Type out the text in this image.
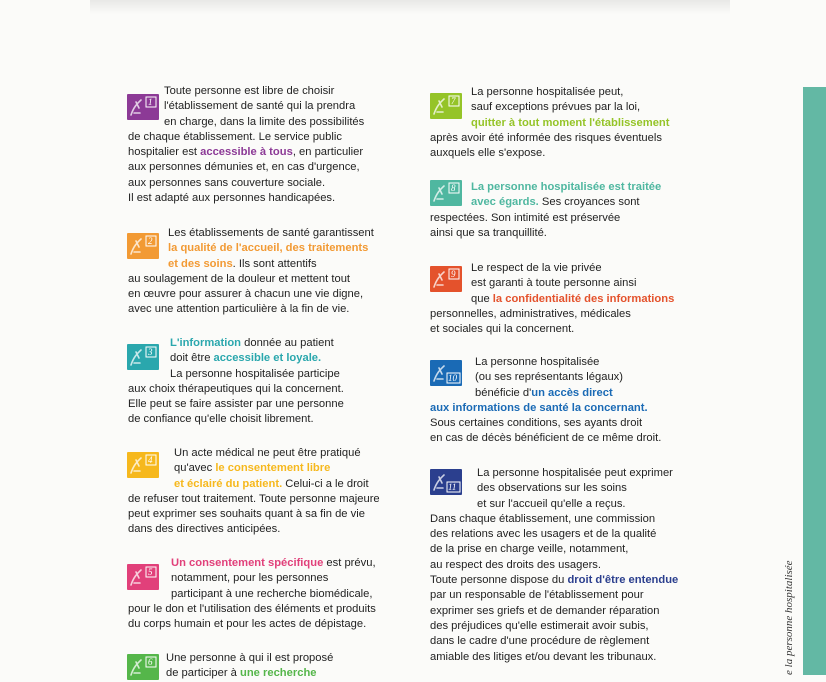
e la personne hospitalisée
1
Toute personne est libre de choisir
l'établissement de santé qui la prendra
en charge, dans la limite des possibilités
de chaque établissement. Le service public
hospitalier est accessible à tous, en particulier
aux personnes démunies et, en cas d'urgence,
aux personnes sans couverture sociale.
Il est adapté aux personnes handicapées.
2
Les établissements de santé garantissent
la qualité de l'accueil, des traitements
et des soins. Ils sont attentifs
au soulagement de la douleur et mettent tout
en œuvre pour assurer à chacun une vie digne,
avec une attention particulière à la fin de vie.
3
L'information donnée au patient
doit être accessible et loyale.
La personne hospitalisée participe
aux choix thérapeutiques qui la concernent.
Elle peut se faire assister par une personne
de confiance qu'elle choisit librement.
4
Un acte médical ne peut être pratiqué
qu'avec le consentement libre
et éclairé du patient. Celui-ci a le droit
de refuser tout traitement. Toute personne majeure
peut exprimer ses souhaits quant à sa fin de vie
dans des directives anticipées.
5
Un consentement spécifique est prévu,
notamment, pour les personnes
participant à une recherche biomédicale,
pour le don et l'utilisation des éléments et produits
du corps humain et pour les actes de dépistage.
6	Une personne à qui il est proposé
de participer à une recherche
7
La personne hospitalisée peut,
sauf exceptions prévues par la loi,
quitter à tout moment l'établissement
après avoir été informée des risques éventuels
auxquels elle s'expose.
8	La personne hospitalisée est traitée
avec égards. Ses croyances sont
respectées. Son intimité est préservée
ainsi que sa tranquillité.
9	Le respect de la vie privée
est garanti à toute personne ainsi
que la confidentialité des informations
personnelles, administratives, médicales
et sociales qui la concernent.
10
La personne hospitalisée
(ou ses représentants légaux)
bénéficie d'un accès direct
aux informations de santé la concernant.
Sous certaines conditions, ses ayants droit
en cas de décès bénéficient de ce même droit.
11
La personne hospitalisée peut exprimer
des observations sur les soins
et sur l'accueil qu'elle a reçus.
Dans chaque établissement, une commission
des relations avec les usagers et de la qualité
de la prise en charge veille, notamment,
au respect des droits des usagers.
Toute personne dispose du droit d'être entendue
par un responsable de l'établissement pour
exprimer ses griefs et de demander réparation
des préjudices qu'elle estimerait avoir subis,
dans le cadre d'une procédure de règlement
amiable des litiges et/ou devant les tribunaux.
